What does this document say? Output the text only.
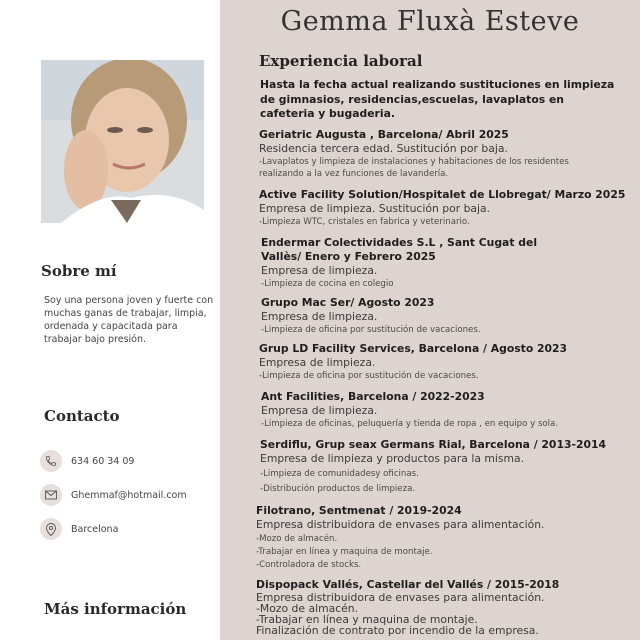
Sobre mí
Soy una persona joven y fuerte con muchas ganas de trabajar, limpia, ordenada y capacitada para trabajar bajo presión.
Contacto
634 60 34 09
Ghemmaf@hotmail.com
Barcelona
Más información
Gemma Fluxà Esteve
Experiencia laboral
Hasta la fecha actual realizando sustituciones en limpieza de gimnasios, residencias,escuelas, lavaplatos en cafeteria y bugaderia.
Geriatric Augusta , Barcelona/ Abril 2025
Residencia tercera edad. Sustitución por baja.
-Lavaplatos y limpieza de instalaciones y habitaciones de los residentes realizando a la vez funciones de lavandería.
Active Facility Solution/Hospitalet de Llobregat/ Marzo 2025
Empresa de limpieza. Sustitución por baja.
-Limpieza WTC, cristales en fabrica y veterinario.
Endermar Colectividades S.L , Sant Cugat del Vallès/ Enero y Febrero 2025
Empresa de limpieza.
-Limpieza de cocina en colegio
Grupo Mac Ser/ Agosto 2023
Empresa de limpieza.
-Limpieza de oficina por sustitución de vacaciones.
Grup LD Facility Services, Barcelona / Agosto 2023
Empresa de limpieza.
-Limpieza de oficina por sustitución de vacaciones.
Ant Facilities, Barcelona / 2022-2023
Empresa de limpieza.
-Limpieza de oficinas, peluquería y tienda de ropa , en equipo y sola.
Serdiflu, Grup seax Germans Rial, Barcelona / 2013-2014
Empresa de limpieza y productos para la misma.
-Limpieza de comunidadesy oficinas.
-Distribución productos de limpieza.
Filotrano, Sentmenat / 2019-2024
Empresa distribuidora de envases para alimentación.
-Mozo de almacén.
-Trabajar en línea y maquina de montaje.
-Controladora de stocks.
Dispopack Vallés, Castellar del Vallés / 2015-2018
Empresa distribuidora de envases para alimentación.
-Mozo de almacén.
-Trabajar en línea y maquina de montaje.
Finalización de contrato por incendio de la empresa.
